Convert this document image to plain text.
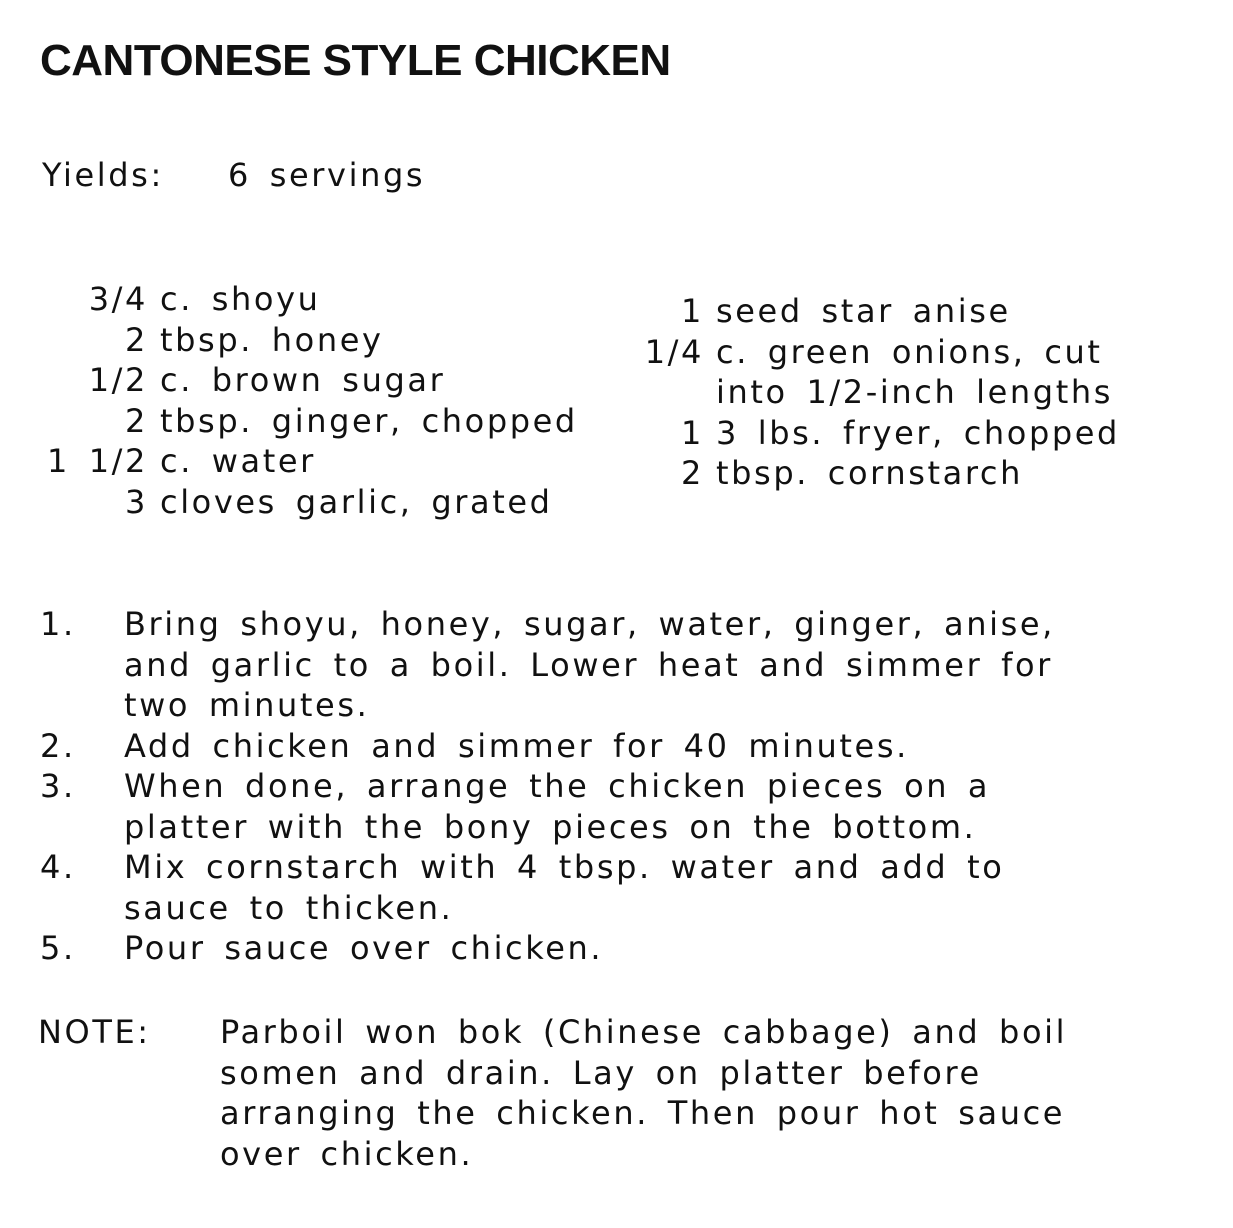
CANTONESE STYLE CHICKEN
Yields: 6 servings
3/4 c. shoyu
2 tbsp. honey
1/2 c. brown sugar
2 tbsp. ginger, chopped
1 1/2 c. water
3 cloves garlic, grated
1 seed star anise
1/4 c. green onions, cut
into 1/2-inch lengths
1 3 lbs. fryer, chopped
2 tbsp. cornstarch
1.	Bring shoyu, honey, sugar, water, ginger, anise,
and garlic to a boil. Lower heat and simmer for
two minutes.
2.	Add chicken and simmer for 40 minutes.
3.	When done, arrange the chicken pieces on a
platter with the bony pieces on the bottom.
4.	Mix cornstarch with 4 tbsp. water and add to
sauce to thicken.
5.	Pour sauce over chicken.
NOTE:	Parboil won bok (Chinese cabbage) and boil
somen and drain. Lay on platter before
arranging the chicken. Then pour hot sauce
over chicken.
